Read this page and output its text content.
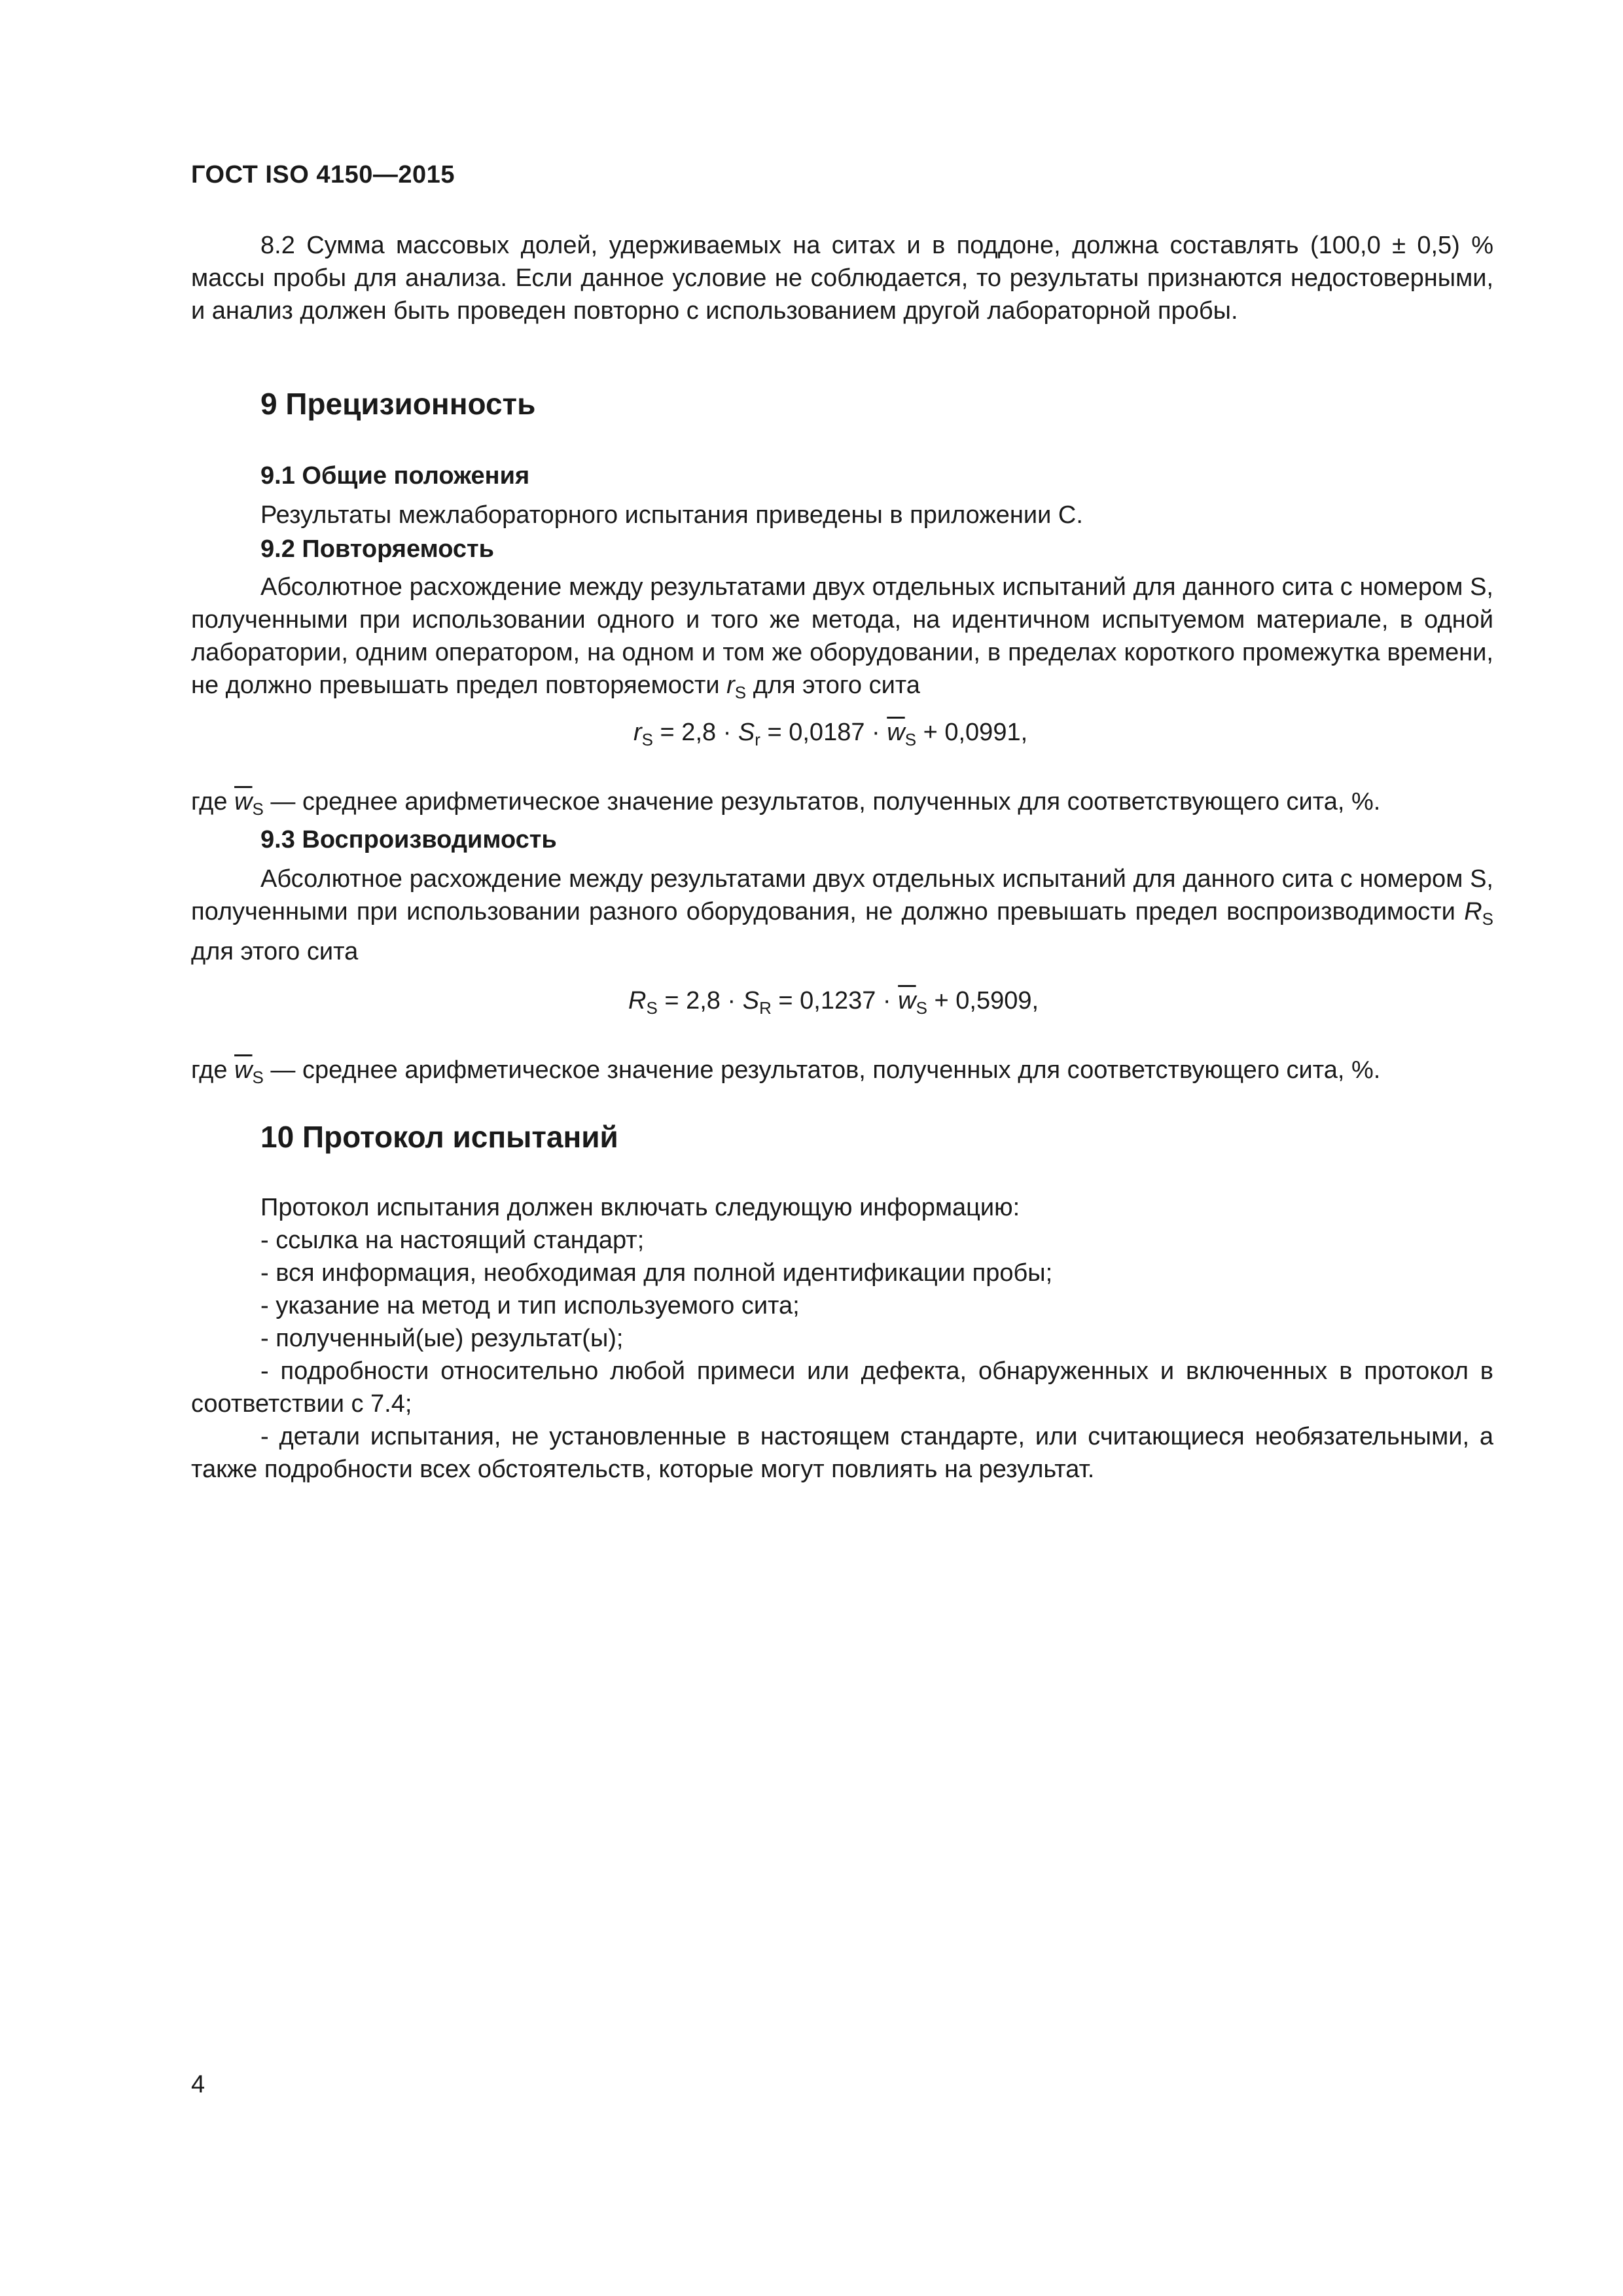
ГОСТ ISO 4150—2015

8.2 Сумма массовых долей, удерживаемых на ситах и в поддоне, должна составлять (100,0 ± 0,5) % массы пробы для анализа. Если данное условие не соблюдается, то результаты признаются недостоверными, и анализ должен быть проведен повторно с использованием другой лабораторной пробы.

9 Прецизионность
9.1 Общие положения

Результаты межлабораторного испытания приведены в приложении С.

9.2 Повторяемость

Абсолютное расхождение между результатами двух отдельных испытаний для данного сита с номером S, полученными при использовании одного и того же метода, на идентичном испытуемом материале, в одной лаборатории, одним оператором, на одном и том же оборудовании, в пределах короткого промежутка времени, не должно превышать предел повторяемости $r_S$ для этого сита

$r_S = 2,8 \cdot S_r = 0,0187 \cdot \overline{w}_S + 0,0991$,

где $\overline{w}_S$ — среднее арифметическое значение результатов, полученных для соответствующего сита, %.

9.3 Воспроизводимость

Абсолютное расхождение между результатами двух отдельных испытаний для данного сита с номером S, полученными при использовании разного оборудования, не должно превышать предел воспроизводимости $R_S$ для этого сита

$R_S = 2,8 \cdot S_R = 0,1237 \cdot \overline{w}_S + 0,5909$,

где $\overline{w}_S$ — среднее арифметическое значение результатов, полученных для соответствующего сита, %.

10 Протокол испытаний

Протокол испытания должен включать следующую информацию:

- ссылка на настоящий стандарт;

- вся информация, необходимая для полной идентификации пробы;

- указание на метод и тип используемого сита;

- полученный(ые) результат(ы);

- подробности относительно любой примеси или дефекта, обнаруженных и включенных в протокол в соответствии с 7.4;

- детали испытания, не установленные в настоящем стандарте, или считающиеся необязательными, а также подробности всех обстоятельств, которые могут повлиять на результат.

4
